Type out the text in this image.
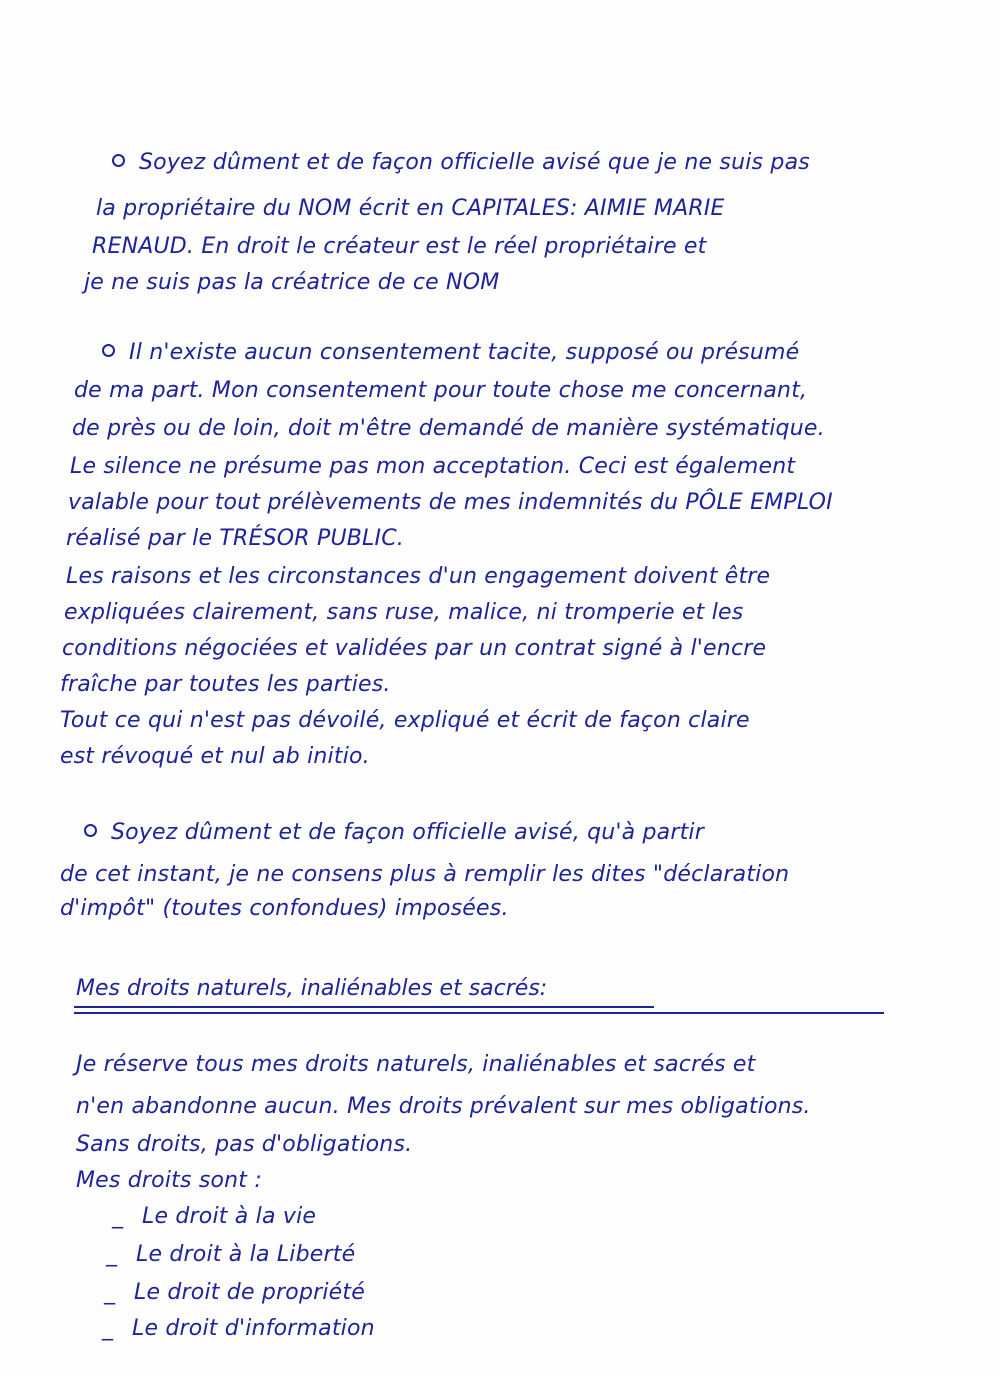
Soyez dûment et de façon officielle avisé que je ne suis pas
la propriétaire du NOM écrit en CAPITALES: AIMIE MARIE
RENAUD. En droit le créateur est le réel propriétaire et
je ne suis pas la créatrice de ce NOM
Il n'existe aucun consentement tacite, supposé ou présumé
de ma part. Mon consentement pour toute chose me concernant,
de près ou de loin, doit m'être demandé de manière systématique.
Le silence ne présume pas mon acceptation. Ceci est également
valable pour tout prélèvements de mes indemnités du PÔLE EMPLOI
réalisé par le TRÉSOR PUBLIC.
Les raisons et les circonstances d'un engagement doivent être
expliquées clairement, sans ruse, malice, ni tromperie et les
conditions négociées et validées par un contrat signé à l'encre
fraîche par toutes les parties.
Tout ce qui n'est pas dévoilé, expliqué et écrit de façon claire
est révoqué et nul ab initio.
Soyez dûment et de façon officielle avisé, qu'à partir
de cet instant, je ne consens plus à remplir les dites "déclaration
d'impôt" (toutes confondues) imposées.
Mes droits naturels, inaliénables et sacrés:
Je réserve tous mes droits naturels, inaliénables et sacrés et
n'en abandonne aucun. Mes droits prévalent sur mes obligations.
Sans droits, pas d'obligations.
Mes droits sont :
_ Le droit à la vie
_ Le droit à la Liberté
_ Le droit de propriété
_ Le droit d'information
